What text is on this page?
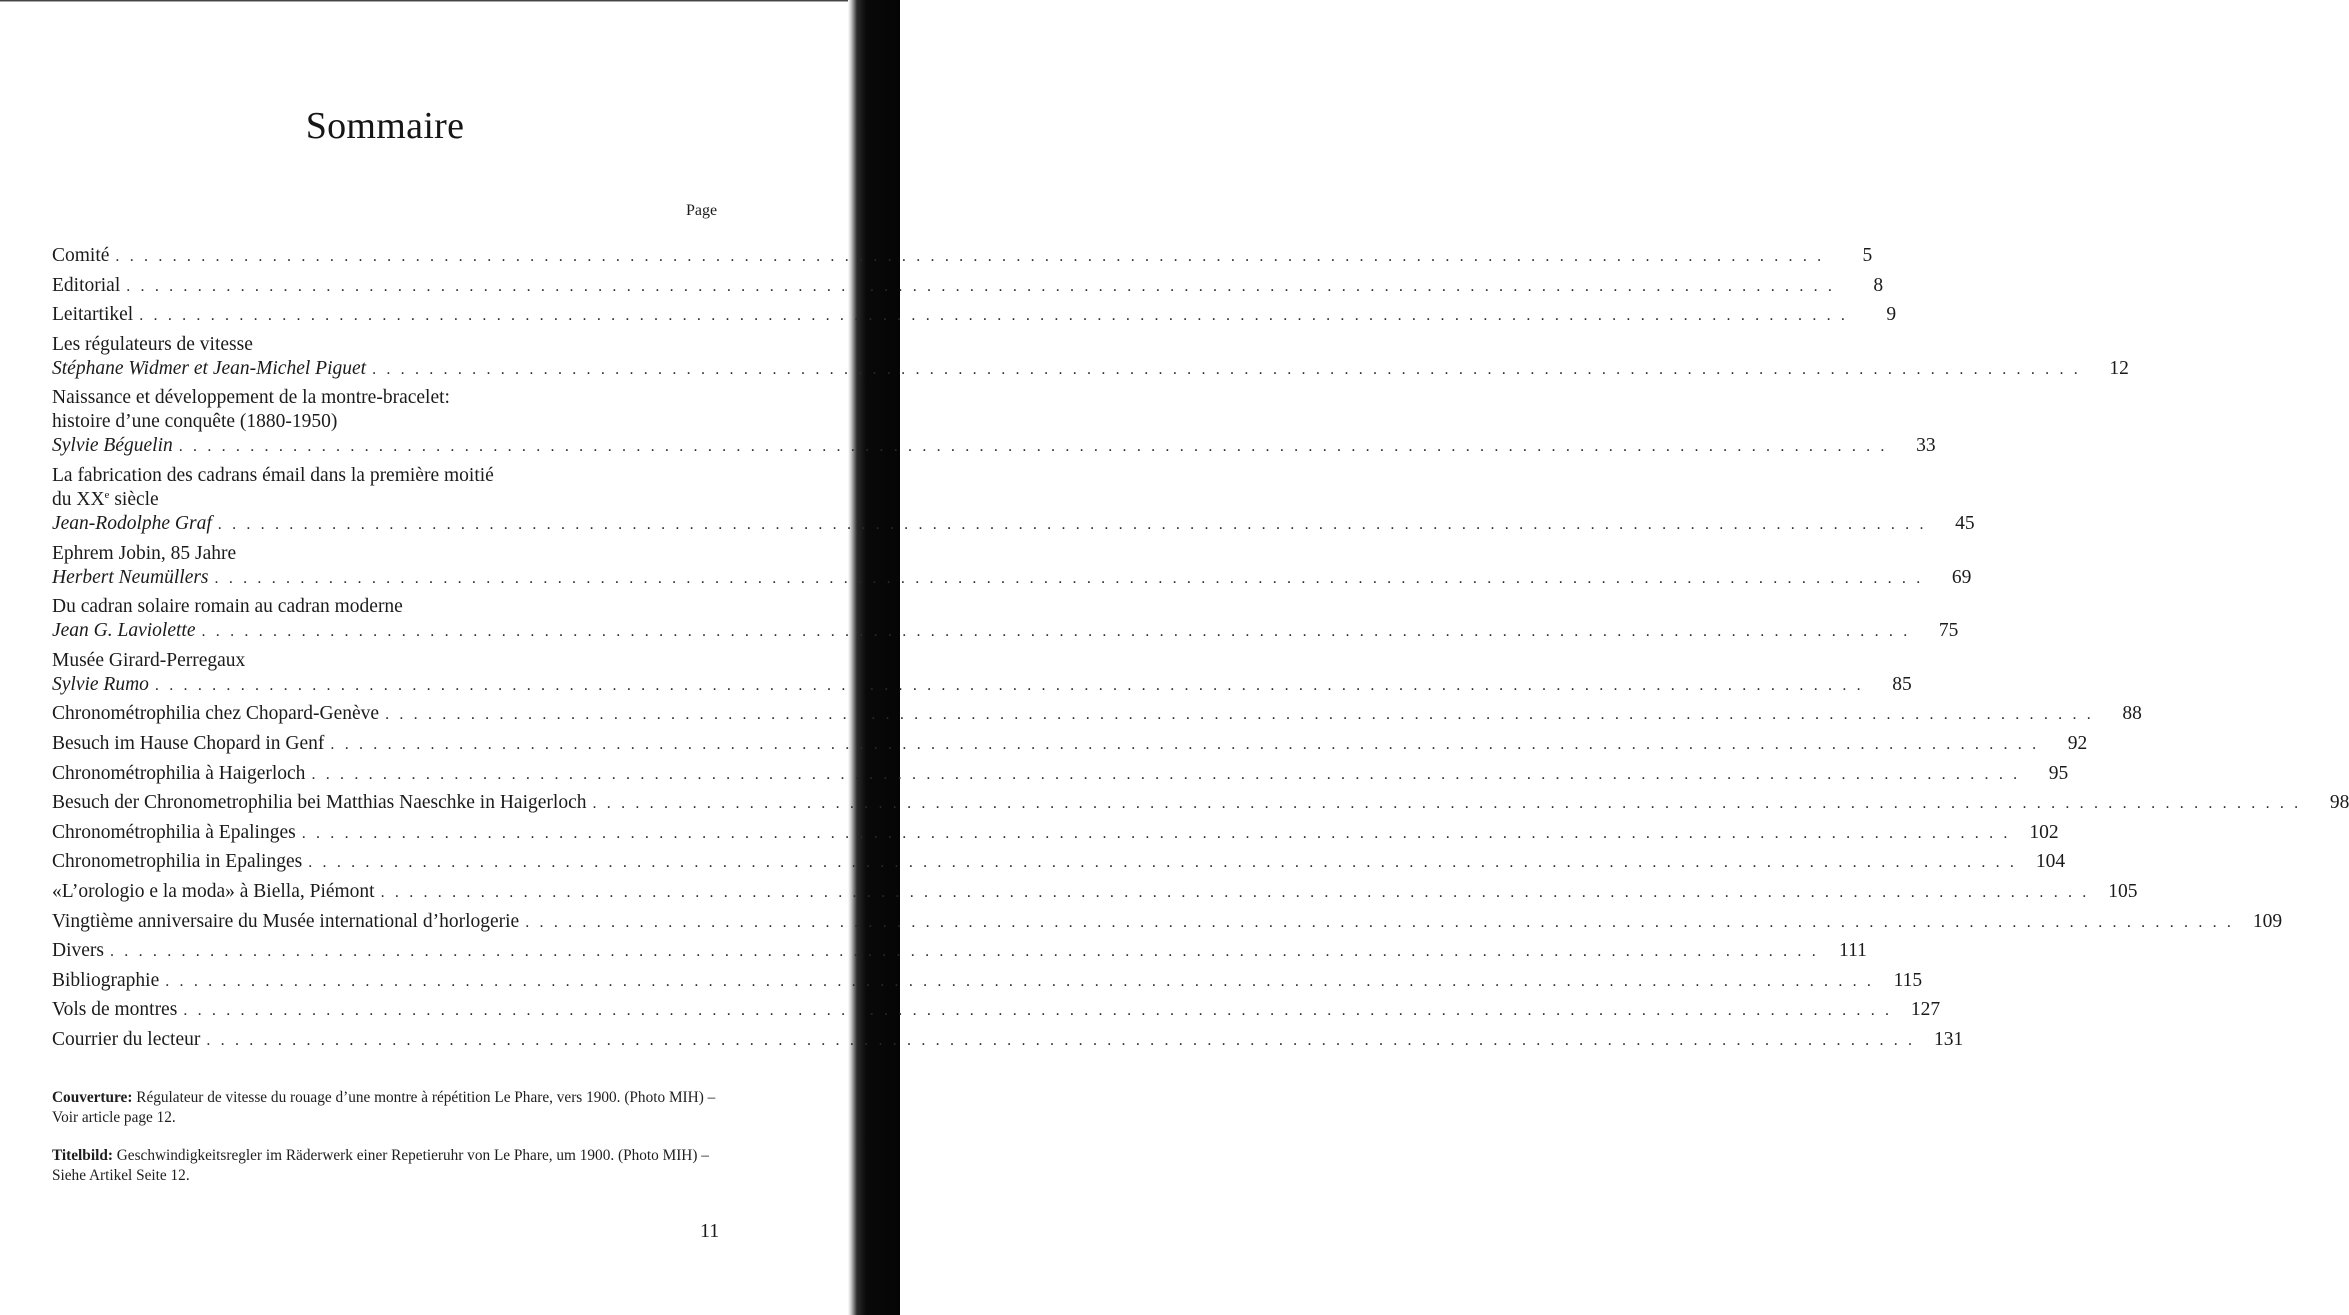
Sommaire
Page
Comité . . . . . . . . . . . . . . . . . . . . . . . . . . . . . . . . . . . . . . . . . . . . . . . . . . . . . . . . . . . . . . . . . . . . . . . . . . . . . . . . . . . . . . . . . . . . . . . . . . . . . . . . . . . . . . . . . . . . . . . .	5
Editorial . . . . . . . . . . . . . . . . . . . . . . . . . . . . . . . . . . . . . . . . . . . . . . . . . . . . . . . . . . . . . . . . . . . . . . . . . . . . . . . . . . . . . . . . . . . . . . . . . . . . . . . . . . . . . . . . . . . . . . . .	8
Leitartikel . . . . . . . . . . . . . . . . . . . . . . . . . . . . . . . . . . . . . . . . . . . . . . . . . . . . . . . . . . . . . . . . . . . . . . . . . . . . . . . . . . . . . . . . . . . . . . . . . . . . . . . . . . . . . . . . . . . . . . . .	9
Les régulateurs de vitesse
Stéphane Widmer et Jean-Michel Piguet . . . . . . . . . . . . . . . . . . . . . . . . . . . . . . . . . . . . . . . . . . . . . . . . . . . . . . . . . . . . . . . . . . . . . . . . . . . . . . . . . . . . . . . . . . . . . . . . . . . . . . . . . . . . . . . . . . . . . . . .	12
Naissance et développement de la montre-bracelet:
histoire d’une conquête (1880-1950)
Sylvie Béguelin . . . . . . . . . . . . . . . . . . . . . . . . . . . . . . . . . . . . . . . . . . . . . . . . . . . . . . . . . . . . . . . . . . . . . . . . . . . . . . . . . . . . . . . . . . . . . . . . . . . . . . . . . . . . . . . . . . . . . . . .	33
La fabrication des cadrans émail dans la première moitié
du XXe siècle
Jean-Rodolphe Graf . . . . . . . . . . . . . . . . . . . . . . . . . . . . . . . . . . . . . . . . . . . . . . . . . . . . . . . . . . . . . . . . . . . . . . . . . . . . . . . . . . . . . . . . . . . . . . . . . . . . . . . . . . . . . . . . . . . . . . . .	45
Ephrem Jobin, 85 Jahre
Herbert Neumüllers . . . . . . . . . . . . . . . . . . . . . . . . . . . . . . . . . . . . . . . . . . . . . . . . . . . . . . . . . . . . . . . . . . . . . . . . . . . . . . . . . . . . . . . . . . . . . . . . . . . . . . . . . . . . . . . . . . . . . . . .	69
Du cadran solaire romain au cadran moderne
Jean G. Laviolette . . . . . . . . . . . . . . . . . . . . . . . . . . . . . . . . . . . . . . . . . . . . . . . . . . . . . . . . . . . . . . . . . . . . . . . . . . . . . . . . . . . . . . . . . . . . . . . . . . . . . . . . . . . . . . . . . . . . . . . .	75
Musée Girard-Perregaux
Sylvie Rumo . . . . . . . . . . . . . . . . . . . . . . . . . . . . . . . . . . . . . . . . . . . . . . . . . . . . . . . . . . . . . . . . . . . . . . . . . . . . . . . . . . . . . . . . . . . . . . . . . . . . . . . . . . . . . . . . . . . . . . . .	85
Chronométrophilia chez Chopard-Genève . . . . . . . . . . . . . . . . . . . . . . . . . . . . . . . . . . . . . . . . . . . . . . . . . . . . . . . . . . . . . . . . . . . . . . . . . . . . . . . . . . . . . . . . . . . . . . . . . . . . . . . . . . . . . . . . . . . . . . . .	88
Besuch im Hause Chopard in Genf . . . . . . . . . . . . . . . . . . . . . . . . . . . . . . . . . . . . . . . . . . . . . . . . . . . . . . . . . . . . . . . . . . . . . . . . . . . . . . . . . . . . . . . . . . . . . . . . . . . . . . . . . . . . . . . . . . . . . . . .	92
Chronométrophilia à Haigerloch . . . . . . . . . . . . . . . . . . . . . . . . . . . . . . . . . . . . . . . . . . . . . . . . . . . . . . . . . . . . . . . . . . . . . . . . . . . . . . . . . . . . . . . . . . . . . . . . . . . . . . . . . . . . . . . . . . . . . . . .	95
Besuch der Chronometrophilia bei Matthias Naeschke in Haigerloch . . . . . . . . . . . . . . . . . . . . . . . . . . . . . . . . . . . . . . . . . . . . . . . . . . . . . . . . . . . . . . . . . . . . . . . . . . . . . . . . . . . . . . . . . . . . . . . . . . . . . . . . . . . . . . . . . . . . . . . .	98
Chronométrophilia à Epalinges . . . . . . . . . . . . . . . . . . . . . . . . . . . . . . . . . . . . . . . . . . . . . . . . . . . . . . . . . . . . . . . . . . . . . . . . . . . . . . . . . . . . . . . . . . . . . . . . . . . . . . . . . . . . . . . . . . . . . . . . 102
Chronometrophilia in Epalinges . . . . . . . . . . . . . . . . . . . . . . . . . . . . . . . . . . . . . . . . . . . . . . . . . . . . . . . . . . . . . . . . . . . . . . . . . . . . . . . . . . . . . . . . . . . . . . . . . . . . . . . . . . . . . . . . . . . . . . . . 104
«L’orologio e la moda» à Biella, Piémont . . . . . . . . . . . . . . . . . . . . . . . . . . . . . . . . . . . . . . . . . . . . . . . . . . . . . . . . . . . . . . . . . . . . . . . . . . . . . . . . . . . . . . . . . . . . . . . . . . . . . . . . . . . . . . . . . . . . . . . . 105
Vingtième anniversaire du Musée international d’horlogerie . . . . . . . . . . . . . . . . . . . . . . . . . . . . . . . . . . . . . . . . . . . . . . . . . . . . . . . . . . . . . . . . . . . . . . . . . . . . . . . . . . . . . . . . . . . . . . . . . . . . . . . . . . . . . . . . . . . . . . . . 109
Divers . . . . . . . . . . . . . . . . . . . . . . . . . . . . . . . . . . . . . . . . . . . . . . . . . . . . . . . . . . . . . . . . . . . . . . . . . . . . . . . . . . . . . . . . . . . . . . . . . . . . . . . . . . . . . . . . . . . . . . . .	111
Bibliographie . . . . . . . . . . . . . . . . . . . . . . . . . . . . . . . . . . . . . . . . . . . . . . . . . . . . . . . . . . . . . . . . . . . . . . . . . . . . . . . . . . . . . . . . . . . . . . . . . . . . . . . . . . . . . . . . . . . . . . . . 115
Vols de montres . . . . . . . . . . . . . . . . . . . . . . . . . . . . . . . . . . . . . . . . . . . . . . . . . . . . . . . . . . . . . . . . . . . . . . . . . . . . . . . . . . . . . . . . . . . . . . . . . . . . . . . . . . . . . . . . . . . . . . . . 127
Courrier du lecteur . . . . . . . . . . . . . . . . . . . . . . . . . . . . . . . . . . . . . . . . . . . . . . . . . . . . . . . . . . . . . . . . . . . . . . . . . . . . . . . . . . . . . . . . . . . . . . . . . . . . . . . . . . . . . . . . . . . . . . . . 131

Couverture: Régulateur de vitesse du rouage d’une montre à répétition Le Phare, vers 1900. (Photo MIH) – Voir article page 12.

Titelbild: Geschwindigkeitsregler im Räderwerk einer Repetieruhr von Le Phare, um 1900. (Photo MIH) – Siehe Artikel Seite 12.

11
